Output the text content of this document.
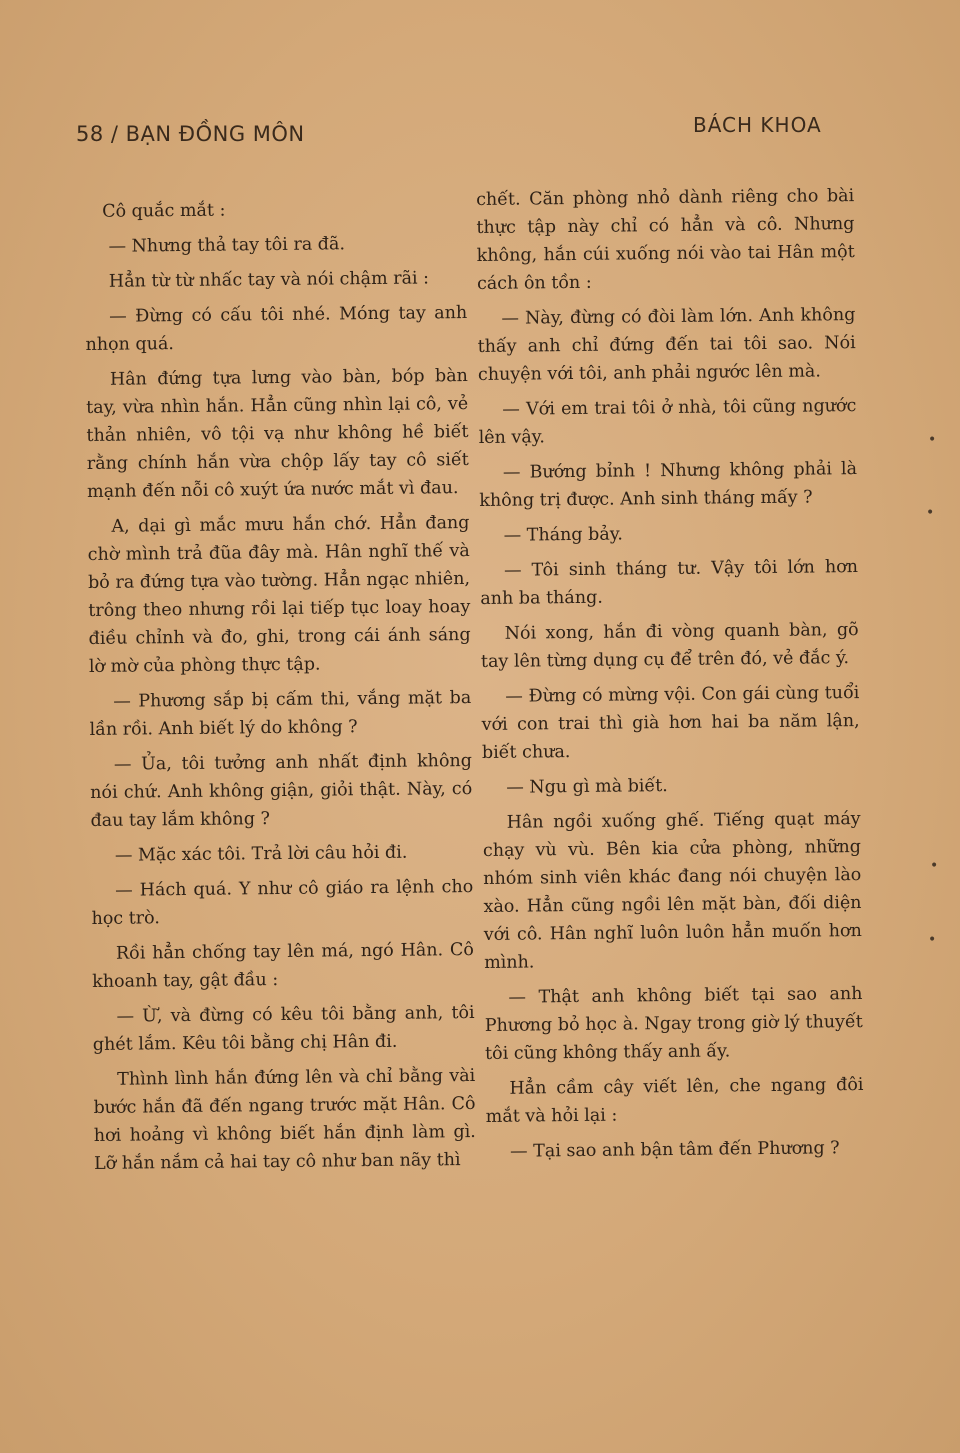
58 / BẠN ĐỒNG MÔN	BÁCH KHOA

Cô quắc mắt :

— Nhưng thả tay tôi ra đã.

Hẳn từ từ nhấc tay và nói chậm rãi :

— Đừng có cấu tôi nhé. Móng tay anh nhọn quá.

Hân đứng tựa lưng vào bàn, bóp bàn tay, vừa nhìn hắn. Hẳn cũng nhìn lại cô, vẻ thản nhiên, vô tội vạ như không hề biết rằng chính hắn vừa chộp lấy tay cô siết mạnh đến nỗi cô xuýt ứa nước mắt vì đau.

A, dại gì mắc mưu hắn chớ. Hẳn đang chờ mình trả đũa đây mà. Hân nghĩ thế và bỏ ra đứng tựa vào tường. Hẳn ngạc nhiên, trông theo nhưng rồi lại tiếp tục loay hoay điều chỉnh và đo, ghi, trong cái ánh sáng lờ mờ của phòng thực tập.

— Phương sắp bị cấm thi, vắng mặt ba lần rồi. Anh biết lý do không ?

— Ủa, tôi tưởng anh nhất định không nói chứ. Anh không giận, giỏi thật. Này, có đau tay lắm không ?

— Mặc xác tôi. Trả lời câu hỏi đi.

— Hách quá. Y như cô giáo ra lệnh cho học trò.

Rồi hẳn chống tay lên má, ngó Hân. Cô khoanh tay, gật đầu :

— Ừ, và đừng có kêu tôi bằng anh, tôi ghét lắm. Kêu tôi bằng chị Hân đi.

Thình lình hắn đứng lên và chỉ bằng vài bước hắn đã đến ngang trước mặt Hân. Cô hơi hoảng vì không biết hắn định làm gì. Lỡ hắn nắm cả hai tay cô như ban nãy thì

chết. Căn phòng nhỏ dành riêng cho bài thực tập này chỉ có hẳn và cô. Nhưng không, hắn cúi xuống nói vào tai Hân một cách ôn tồn :

— Này, đừng có đòi làm lớn. Anh không thấy anh chỉ đứng đến tai tôi sao. Nói chuyện với tôi, anh phải ngước lên mà.

— Với em trai tôi ở nhà, tôi cũng ngước lên vậy.

— Bướng bỉnh ! Nhưng không phải là không trị được. Anh sinh tháng mấy ?

— Tháng bảy.

— Tôi sinh tháng tư. Vậy tôi lớn hơn anh ba tháng.

Nói xong, hắn đi vòng quanh bàn, gõ tay lên từng dụng cụ để trên đó, vẻ đắc ý.

— Đừng có mừng vội. Con gái cùng tuổi với con trai thì già hơn hai ba năm lận, biết chưa.

— Ngu gì mà biết.

Hân ngồi xuống ghế. Tiếng quạt máy chạy vù vù. Bên kia cửa phòng, những nhóm sinh viên khác đang nói chuyện lào xào. Hẳn cũng ngồi lên mặt bàn, đối diện với cô. Hân nghĩ luôn luôn hẳn muốn hơn mình.

— Thật anh không biết tại sao anh Phương bỏ học à. Ngay trong giờ lý thuyết tôi cũng không thấy anh ấy.

Hẳn cầm cây viết lên, che ngang đôi mắt và hỏi lại :

— Tại sao anh bận tâm đến Phương ?

•
•
•
•
